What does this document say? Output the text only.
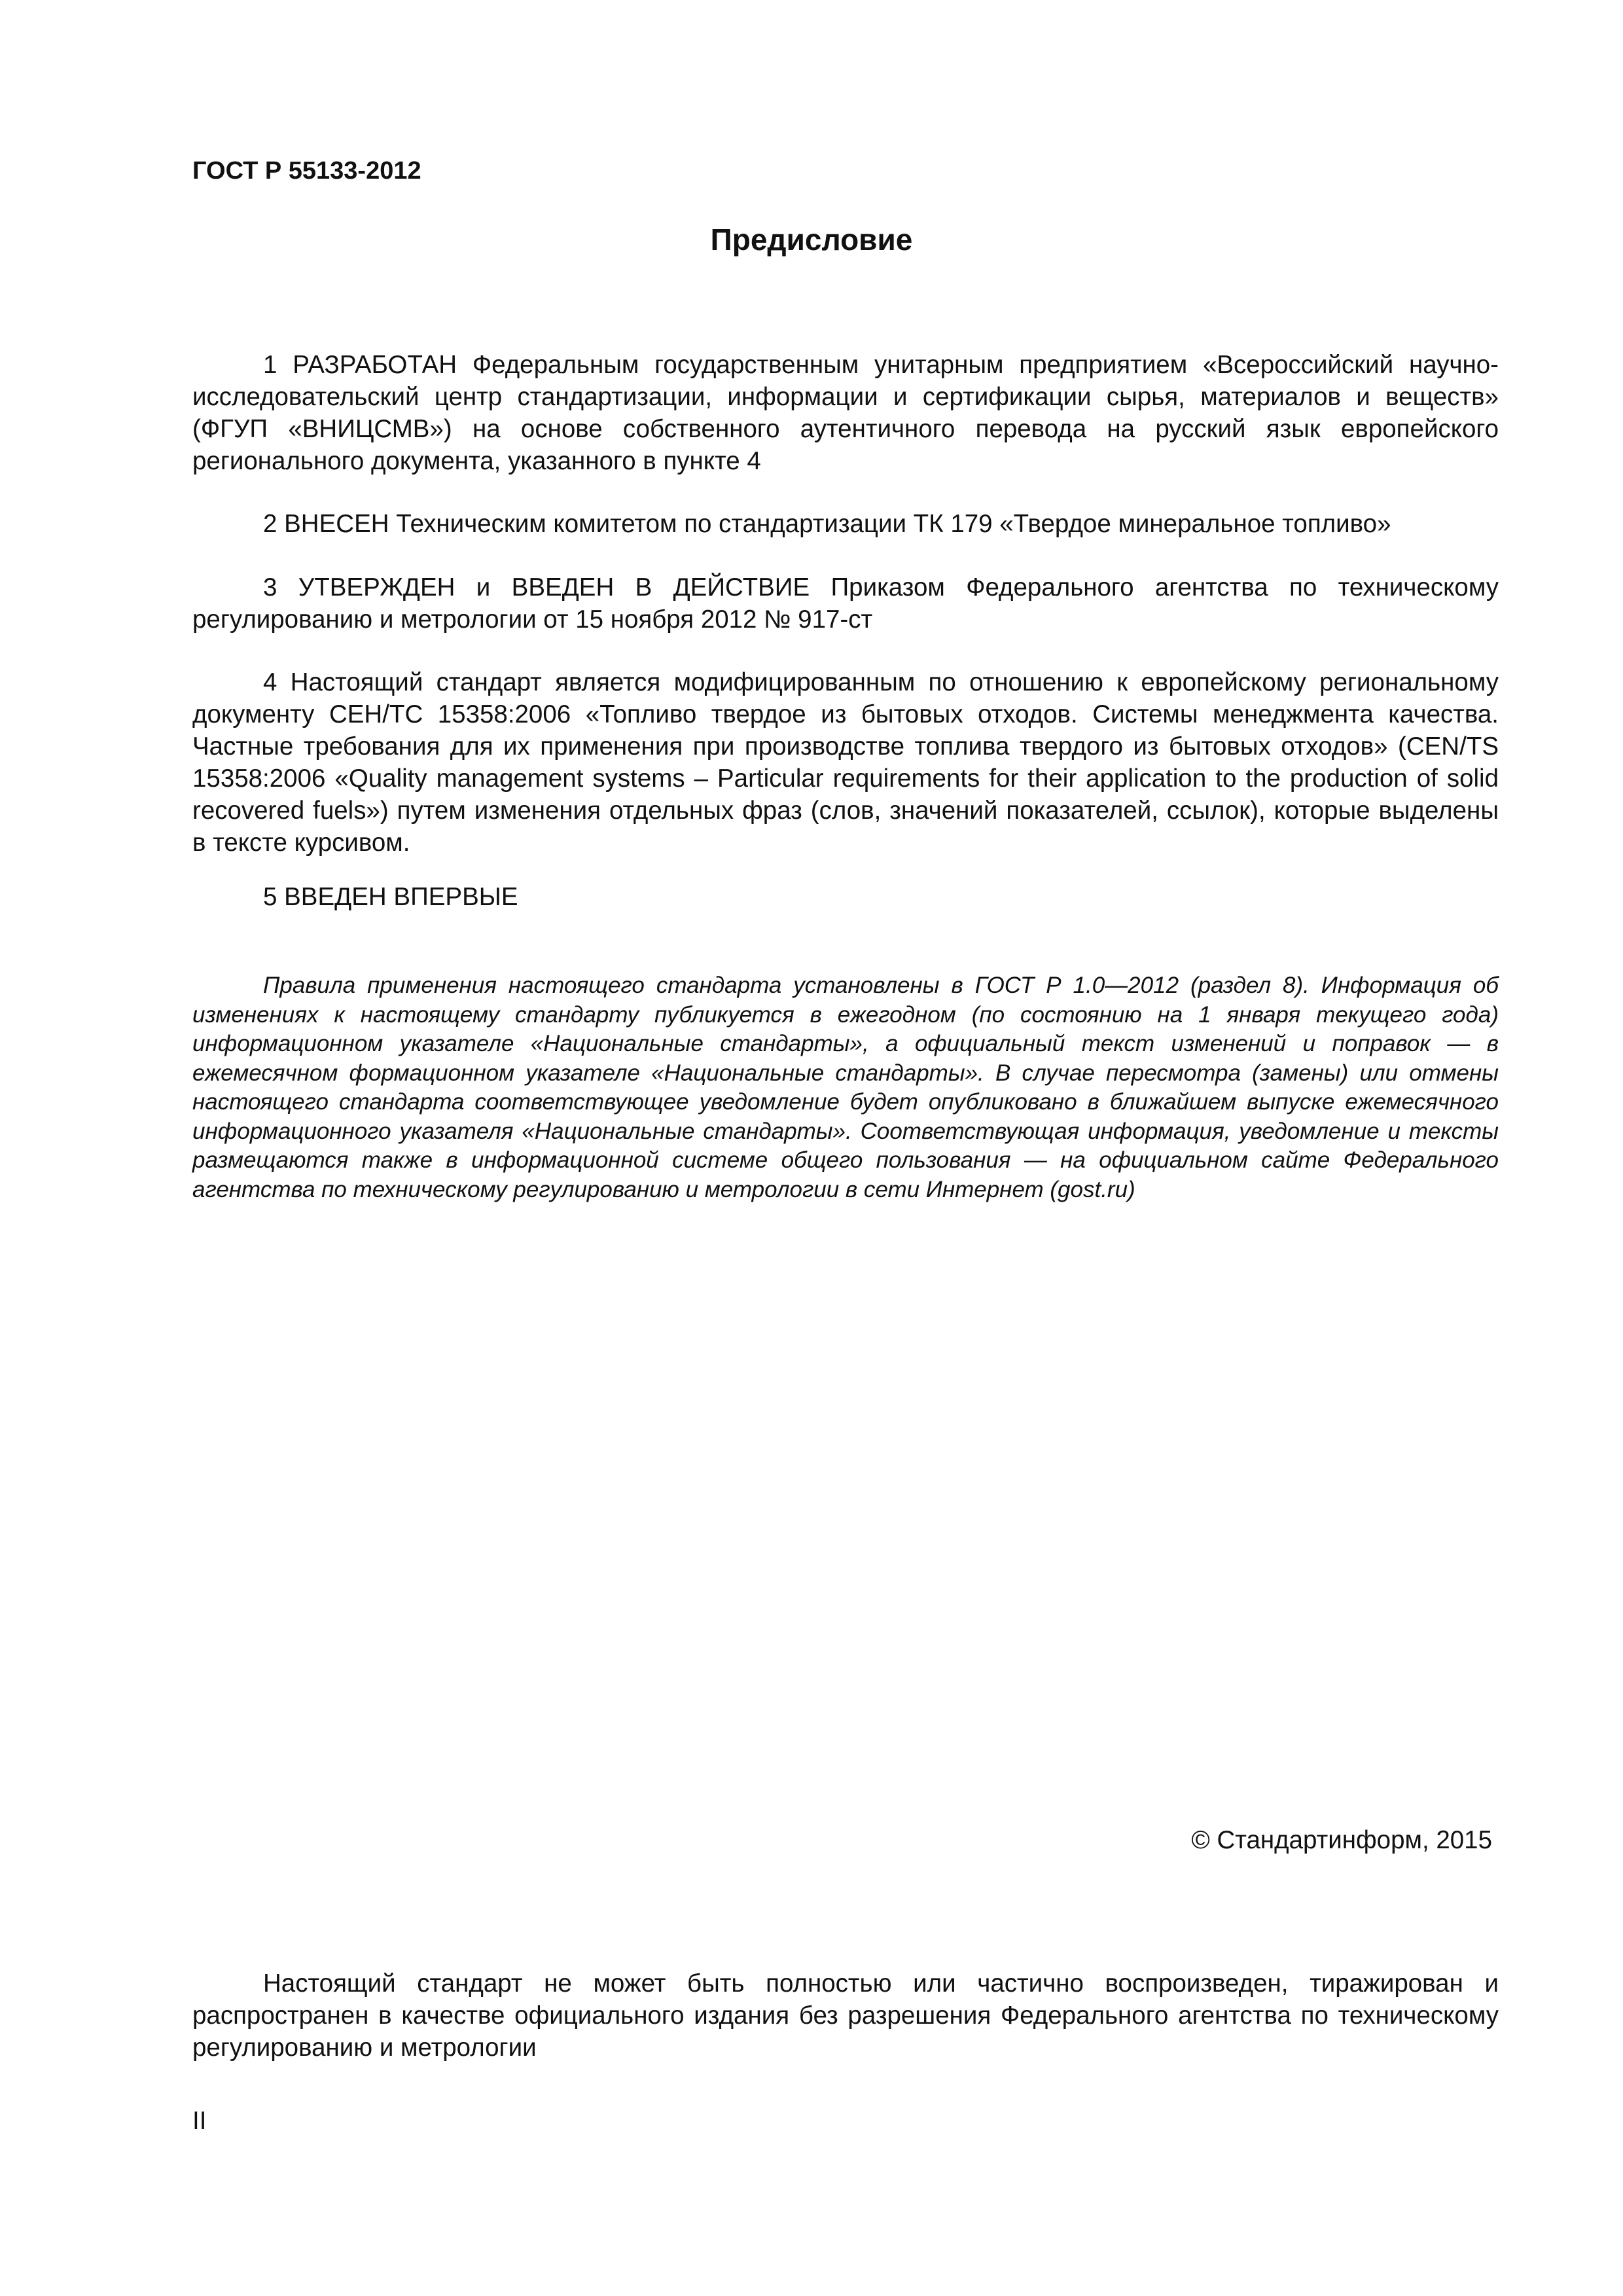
ГОСТ Р 55133-2012

Предисловие

1 РАЗРАБОТАН Федеральным государственным унитарным предприятием «Всероссийский научно-исследовательский центр стандартизации, информации и сертификации сырья, материалов и веществ» (ФГУП «ВНИЦСМВ») на основе собственного аутентичного перевода на русский язык европейского регионального документа, указанного в пункте 4

2 ВНЕСЕН Техническим комитетом по стандартизации ТК 179 «Твердое минеральное топливо»

3 УТВЕРЖДЕН и ВВЕДЕН В ДЕЙСТВИЕ Приказом Федерального агентства по техническому регулированию и метрологии от 15 ноября 2012 № 917-ст

4 Настоящий стандарт является модифицированным по отношению к европейскому региональному документу СЕН/ТС 15358:2006 «Топливо твердое из бытовых отходов. Системы менеджмента качества. Частные требования для их применения при производстве топлива твердого из бытовых отходов» (CEN/TS 15358:2006 «Quality management systems – Particular requirements for their application to the production of solid recovered fuels») путем изменения отдельных фраз (слов, значений показателей, ссылок), которые выделены в тексте курсивом.

5 ВВЕДЕН ВПЕРВЫЕ

Правила применения настоящего стандарта установлены в ГОСТ Р 1.0—2012 (раздел 8). Информация об изменениях к настоящему стандарту публикуется в ежегодном (по состоянию на 1 января текущего года) информационном указателе «Национальные стандарты», а официальный текст изменений и поправок — в ежемесячном формационном указателе «Национальные стандарты». В случае пересмотра (замены) или отмены настоящего стандарта соответствующее уведомление будет опубликовано в ближайшем выпуске ежемесячного информационного указателя «Национальные стандарты». Соответствующая информация, уведомление и тексты размещаются также в информационной системе общего пользования — на официальном сайте Федерального агентства по техническому регулированию и метрологии в сети Интернет (gost.ru)

© Стандартинформ, 2015

Настоящий стандарт не может быть полностью или частично воспроизведен, тиражирован и распространен в качестве официального издания без разрешения Федерального агентства по техническому регулированию и метрологии

II
